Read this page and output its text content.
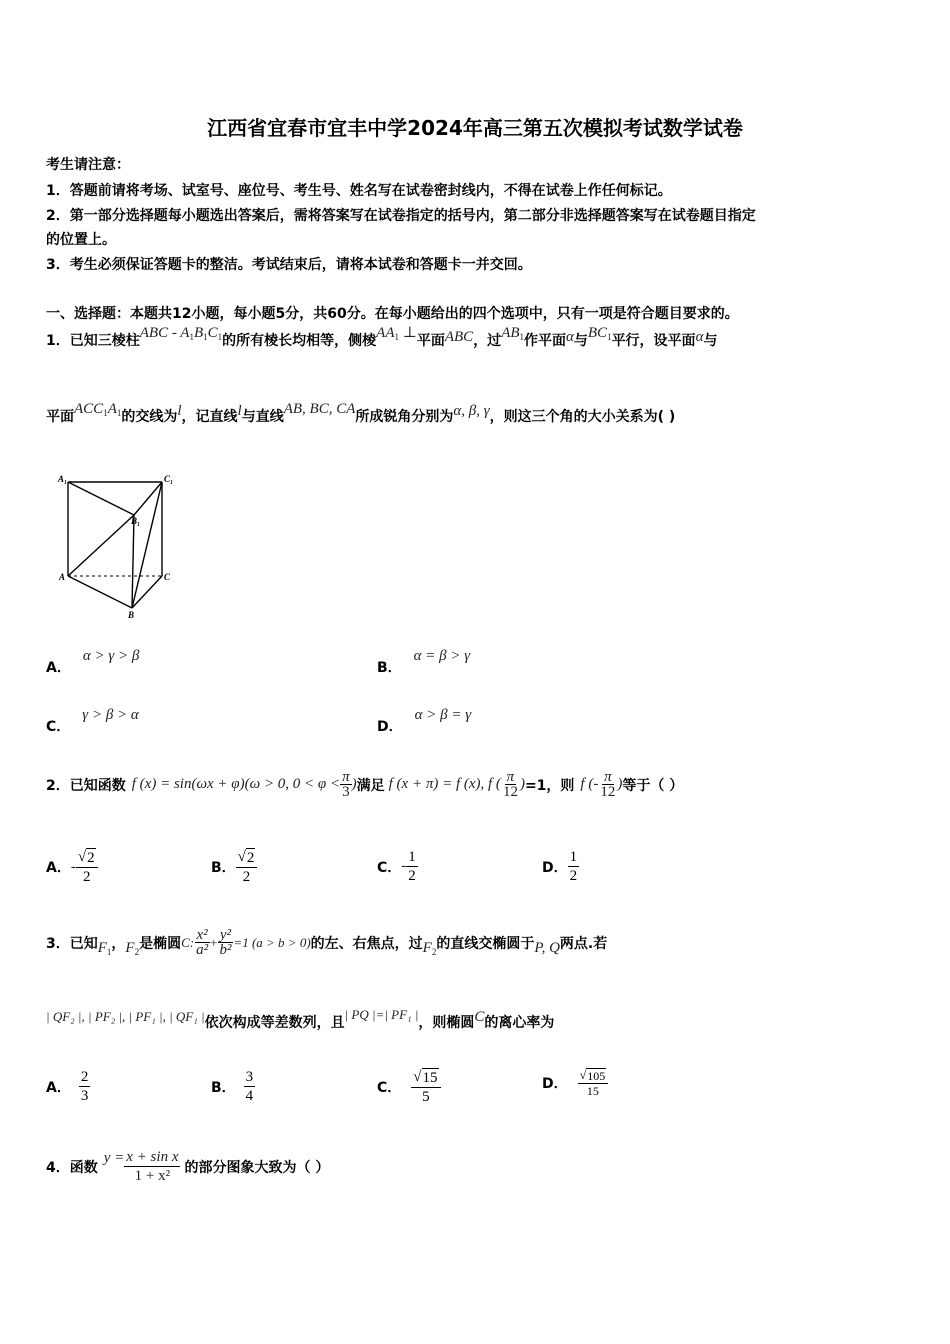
江西省宜春市宜丰中学2024年高三第五次模拟考试数学试卷
考生请注意：
1．答题前请将考场、试室号、座位号、考生号、姓名写在试卷密封线内，不得在试卷上作任何标记。
2．第一部分选择题每小题选出答案后，需将答案写在试卷指定的括号内，第二部分非选择题答案写在试卷题目指定
的位置上。
3．考生必须保证答题卡的整洁。考试结束后，请将本试卷和答题卡一并交回。
一、选择题：本题共12小题，每小题5分，共60分。在每小题给出的四个选项中，只有一项是符合题目要求的。
1．已知三棱柱ABC - $A_1B_1C_1$的所有棱长均相等，侧棱$AA_1$ ⊥平面ABC，过$AB_1$作平面α与$BC_1$平行，设平面α与
平面$ACC_1A_1$的交线为l，记直线l与直线AB, BC, CA所成锐角分别为α, β, γ，则这三个角的大小关系为( )
A₁	C₁
B₁
A	C
B
A．α > γ > β
B．α = β > γ
C．γ > β > α
D．α > β = γ
2．已知函数 f (x) = sin(ωx + φ)(ω > 0, $0 < \varphi < \frac{\pi}{3}$ ) 满足 f (x + π) = f (x), f ( $\frac{\pi}{12}$ ) =1，则 f (- $\frac{\pi}{12}$ ) 等于（ ）
A． - $\frac{√ 2}{2}$	B． $\frac{√ 2}{2}$	C． - $\frac{1}{2}$	D． $\frac{1}{2}$
3．已知 $F_1$
， $F_2$
是椭圆 C: $\frac{\text{x²}}{\text{a²}} + \frac{\text{y²}}{\text{b²}} =1$ (a > b > 0) 的左、右焦点，过 $F_2$
的直线交椭圆于 P, Q 两点.若
$^{| QF_2 |, | PF_2 |, | PF_1 |, | QF_1 |}$依次构成等差数列，且$^{| PQ |=| PF_1 |}$，则椭圆C的离心率为
A． $\frac{2}{3}$	B． $\frac{3}{4}$	C． $\frac{√ 15}{5}$	D． $\frac{√ 105}{15}$
4．函数
$y = \frac{\text{x + sin x}}{\text{1 + x²}}$ 的部分图象大致为（ ）
